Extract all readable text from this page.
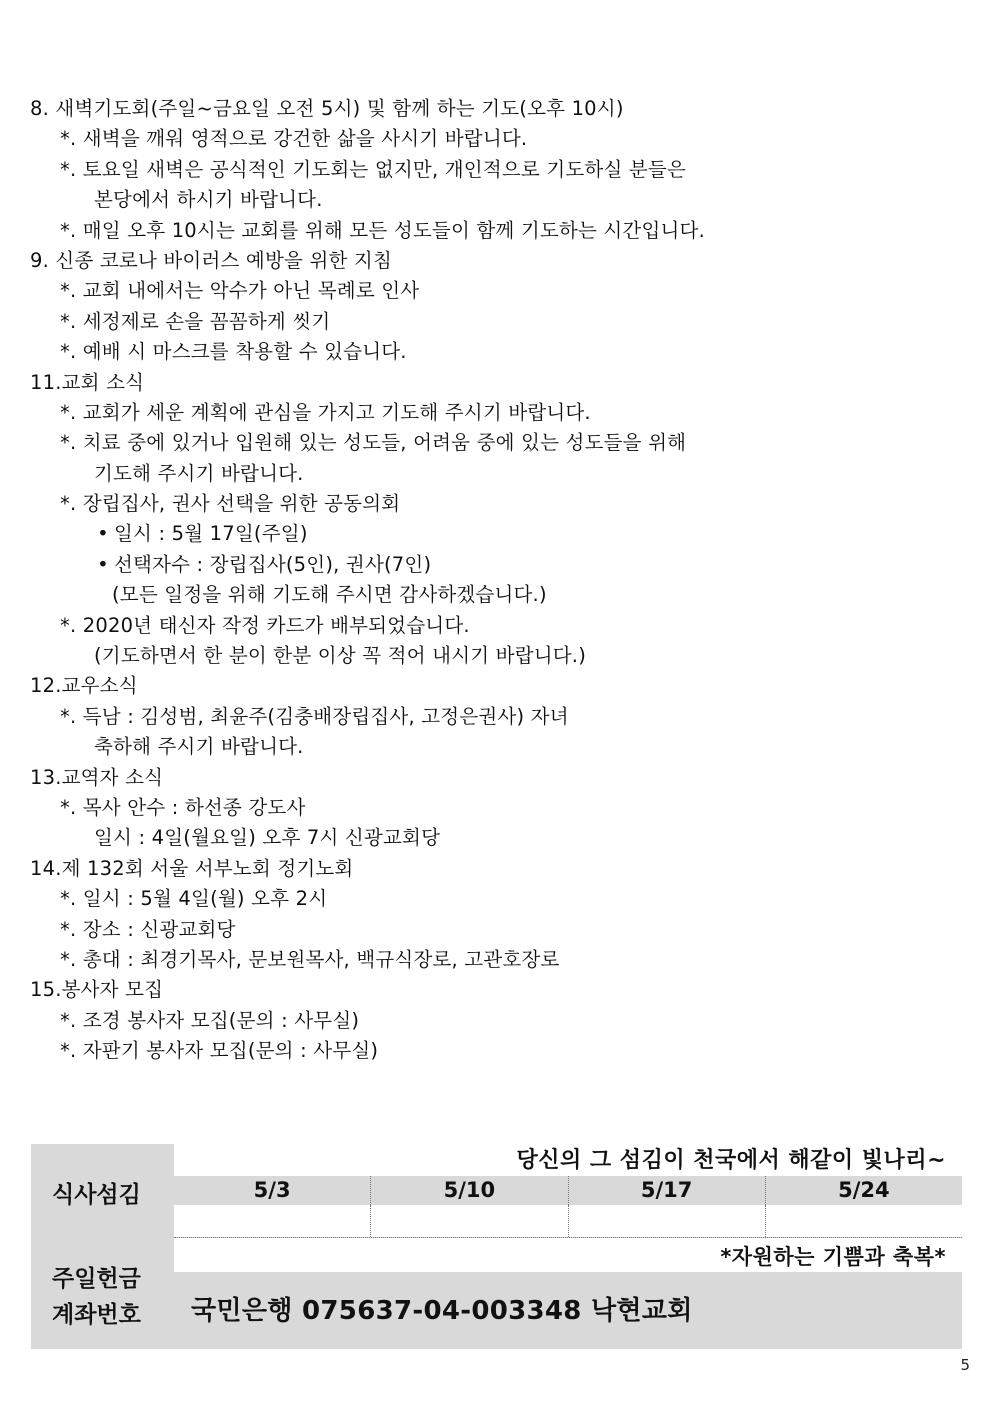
8. 새벽기도회(주일~금요일 오전 5시) 및 함께 하는 기도(오후 10시)
*. 새벽을 깨워 영적으로 강건한 삶을 사시기 바랍니다.
*. 토요일 새벽은 공식적인 기도회는 없지만, 개인적으로 기도하실 분들은
본당에서 하시기 바랍니다.
*. 매일 오후 10시는 교회를 위해 모든 성도들이 함께 기도하는 시간입니다.
9. 신종 코로나 바이러스 예방을 위한 지침
*. 교회 내에서는 악수가 아닌 목례로 인사
*. 세정제로 손을 꼼꼼하게 씻기
*. 예배 시 마스크를 착용할 수 있습니다.
11.교회 소식
*. 교회가 세운 계획에 관심을 가지고 기도해 주시기 바랍니다.
*. 치료 중에 있거나 입원해 있는 성도들, 어려움 중에 있는 성도들을 위해
기도해 주시기 바랍니다.
*. 장립집사, 권사 선택을 위한 공동의회
• 일시 : 5월 17일(주일)
• 선택자수 : 장립집사(5인), 권사(7인)
(모든 일정을 위해 기도해 주시면 감사하겠습니다.)
*. 2020년 태신자 작정 카드가 배부되었습니다.
(기도하면서 한 분이 한분 이상 꼭 적어 내시기 바랍니다.)
12.교우소식
*. 득남 : 김성범, 최윤주(김충배장립집사, 고정은권사) 자녀
축하해 주시기 바랍니다.
13.교역자 소식
*. 목사 안수 : 하선종 강도사
일시 : 4일(월요일) 오후 7시 신광교회당
14.제 132회 서울 서부노회 정기노회
*. 일시 : 5월 4일(월) 오후 2시
*. 장소 : 신광교회당
*. 총대 : 최경기목사, 문보원목사, 백규식장로, 고관호장로
15.봉사자 모집
*. 조경 봉사자 모집(문의 : 사무실)
*. 자판기 봉사자 모집(문의 : 사무실)
식사섬김
당신의 그 섬김이 천국에서 해같이 빛나리~
5/3	5/10	5/17	5/24
*자원하는 기쁨과 축복*
주일헌금
계좌번호 국민은행 075637-04-003348 낙현교회
5
